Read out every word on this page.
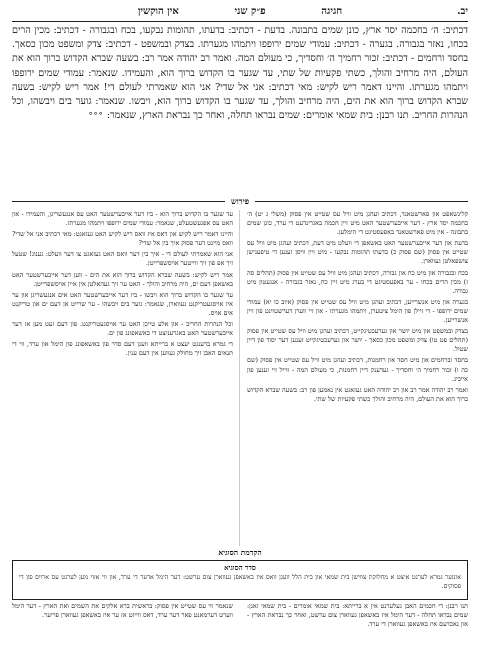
יב.
חגיגה                פ״ק שני                אין הוקשין
דכתיב: ה׳ בחכמה יסד ארץ, כונן שמים בתבונה. בדעת - דכתיב: בדעתו, תהומות נבקעו, בכח ובגבורה - דכתיב: מכין הרים בכחו, נאזר בגבורה. בגערה - דכתיב: עמודי שמים ירופפו ויתמהו מגערתו. בצדק ובמשפט - דכתיב: צדק ומשפט מכון כסאך. בחסד ורחמים - דכתיב: זכור רחמיך ה׳ וחסדיך, כי מעולם המה. ואמר רב יהודה אמר רב: בשעה שברא הקדוש ברוך הוא את העולם, היה מרחיב והולך, כשתי פקעיות של שתי, עד שגער בו הקדוש ברוך הוא, והעמידו. שנאמר: עמודי שמים ירופפו ויתמהו מגערתו. והיינו דאמר ריש לקיש: מאי דכתיב: אני אל שדי? אני הוא שאמרתי לעולם די! אמר ריש לקיש: בשעה שברא הקדוש ברוך הוא את הים, היה מרחיב והולך, עד שגער בו הקדוש ברוך הוא, ויבשו. שנאמר: גוער בים ויבשהו, וכל הנהרות החריב. תנו רבנן: בית שמאי אומרים: שמים נבראו תחלה, ואחר כך נבראת הארץ, שנאמר: °°°
פירוש

קלינשאפט און פארשטאנד, דכתיב ועהגן מיט וויל עס שטייט אין פסוק (משלי ג יט) ה׳ בחכמה יסד ארץ - דער אייבערשטער האט מיט זיין חכמה באגרינדעט די ערד, כונן שמים בתבונה - אין מיט פארשטאנד באפעסטיגט די הימלען.

בדעת און דער אייבערשטער האט באשאפן די וועלט מיט דעת, דכתיב ועהגן מיט וויל עס שטייט אין פסוק (שם פסוק כ) בדעתו תהומות נבקעו - מיט זיין וויסן זענען די טיפענישן צושפאלטן געווארן.

בכח ובגבורה און מיט כח און גבורה, דכתיב ועהגן מיט וויל עס שטייט אין פסוק (תהלים סה ז) מכין הרים בכחו - ער באפעסטיגט די בערג מיט זיין כח, נאזר בגבורה - אנגעטון מיט גבורה.

בגערה און מיט אנשרייען, דכתיב ועהגן מיט וויל עס שטייט אין פסוק (איוב כו יא) עמודי שמים ירופפו - די זיילן פון הימל ציטערן, ויתמהו מגערתו - און זיי ווערן דערשטוינט פון זיין אנשרייען.

בצדק ובמשפט און מיט יושר און גערעכטיגקייט, דכתיב ועהגן מיט וויל עס שטייט אין פסוק (תהלים פט טו) צדק ומשפט מכון כסאך - יושר און גערעכטיגקייט זענען דער יסוד פון דיין שטול.

בחסד וברחמים און מיט חסד און רחמנות, דכתיב ועהגן מיט וויל עס שטייט אין פסוק (שם כה ו) זכור רחמיך ה׳ וחסדיך - געדענק דיין רחמנות, כי מעולם המה - ווייל זיי זענען פון אייביג.

ואמר רב יהודה אמר רב און רב יהודה האט געזאגט אין נאמען פון רב: בשעה שברא הקדוש ברוך הוא את העולם, היה מרחיב והולך כשתי פקעיות של שתי.

עד שגער בו הקדוש ברוך הוא - ביז דער אייבערשטער האט עס אנגעשריגן, והעמידו - און האט עס אפגעשטעלט, שנאמר: עמודי שמים ירופפו ויתמהו מגערתו.

והיינו דאמר ריש לקיש און דאס איז וואס ריש לקיש האט געזאגט: מאי דכתיב אני אל שדי? וואס מיינט דער פסוק איך בין אל שדי?

אני הוא שאמרתי לעולם די - איך בין דער וואס האט געזאגט צו דער וועלט: גענוג! שטעל זיך אפ פון זיך ווייטער אויסשפרייטן.

אמר ריש לקיש: בשעה שברא הקדוש ברוך הוא את הים - ווען דער אייבערשטער האט באשאפן דעם ים, היה מרחיב והולך - האט ער זיך געהאלטן אין איין אויסשפרייטן.

עד שגער בו הקדוש ברוך הוא ויבשו - ביז דער אייבערשטער האט אים אנגעשריגן און ער איז אויסגעטריקנט געווארן, שנאמר: גוער בים ויבשהו - ער שרייט אן דעם ים און טריקנט אים אויס.

וכל הנהרות החריב - און אלע טייכן האט ער אויסגעטריקנט. פון דעם זעט מען אז דער אייבערשטער האט באגרעניצט די באשאפונג פון ים.

די גמרא ברענגט יעצט א ברייתא וועגן דעם סדר פון באשאפונג פון הימל און ערד, ווי די תנאים האבן זיך מחולק געווען אין דעם ענין.

הקדמת הסוגיא
סדר הסוגיא
אונזער גמרא לערנט איצט א מחלוקת צווישן בית שמאי און בית הלל וועגן וואס איז באשאפן געווארן צום ערשט: דער הימל אדער די ערד, און ווי אזוי מען לערנט עס ארויס פון די פסוקים.
תנו רבנן: די חכמים האבן געלערנט אין א ברייתא: בית שמאי אומרים - בית שמאי זאגן: שמים נבראו תחלה - דער הימל איז באשאפן געווארן צום ערשט, ואחר כך נבראת הארץ - און נאכדעם איז באשאפן געווארן די ערד.
שנאמר ווי עס שטייט אין פסוק: בראשית ברא אלקים את השמים ואת הארץ - דער הימל ווערט דערמאנט פאר דער ערד, דאס ווייזט אז ער איז באשאפן געווארן פריער.
